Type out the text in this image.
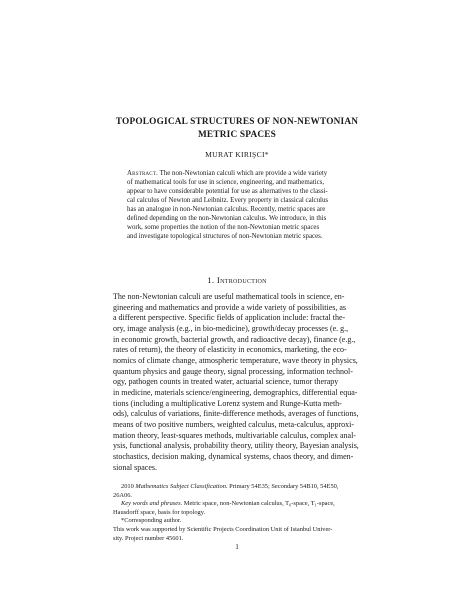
TOPOLOGICAL STRUCTURES OF NON-NEWTONIAN
METRIC SPACES
MURAT KIRIŞCI*
Abstract. The non-Newtonian calculi which are provide a wide variety
of mathematical tools for use in science, engineering, and mathematics,
appear to have considerable potential for use as alternatives to the classi-
cal calculus of Newton and Leibnitz. Every property in classical calculus
has an analogue in non-Newtonian calculus. Recently, metric spaces are
defined depending on the non-Newtonian calculus. We introduce, in this
work, some properties the notion of the non-Newtonian metric spaces
and investigate topological structures of non-Newtonian metric spaces.
1. Introduction
The non-Newtonian calculi are useful mathematical tools in science, en-
gineering and mathematics and provide a wide variety of possibilities, as
a different perspective. Specific fields of application include: fractal the-
ory, image analysis (e.g., in bio-medicine), growth/decay processes (e. g.,
in economic growth, bacterial growth, and radioactive decay), finance (e.g.,
rates of return), the theory of elasticity in economics, marketing, the eco-
nomics of climate change, atmospheric temperature, wave theory in physics,
quantum physics and gauge theory, signal processing, information technol-
ogy, pathogen counts in treated water, actuarial science, tumor therapy
in medicine, materials science/engineering, demographics, differential equa-
tions (including a multiplicative Lorenz system and Runge-Kutta meth-
ods), calculus of variations, finite-difference methods, averages of functions,
means of two positive numbers, weighted calculus, meta-calculus, approxi-
mation theory, least-squares methods, multivariable calculus, complex anal-
ysis, functional analysis, probability theory, utility theory, Bayesian analysis,
stochastics, decision making, dynamical systems, chaos theory, and dimen-
sional spaces.
2010 Mathematics Subject Classification. Primary 54E35; Secondary 54B10, 54E50,
26A06.
Key words and phrases. Metric space, non-Newtonian calculus, T₀-space, T₁-space,
Hausdorff space, basis for topology.
*Corresponding author.
This work was supported by Scientific Projects Coordination Unit of Istanbul Univer-
sity. Project number 45601.
1
